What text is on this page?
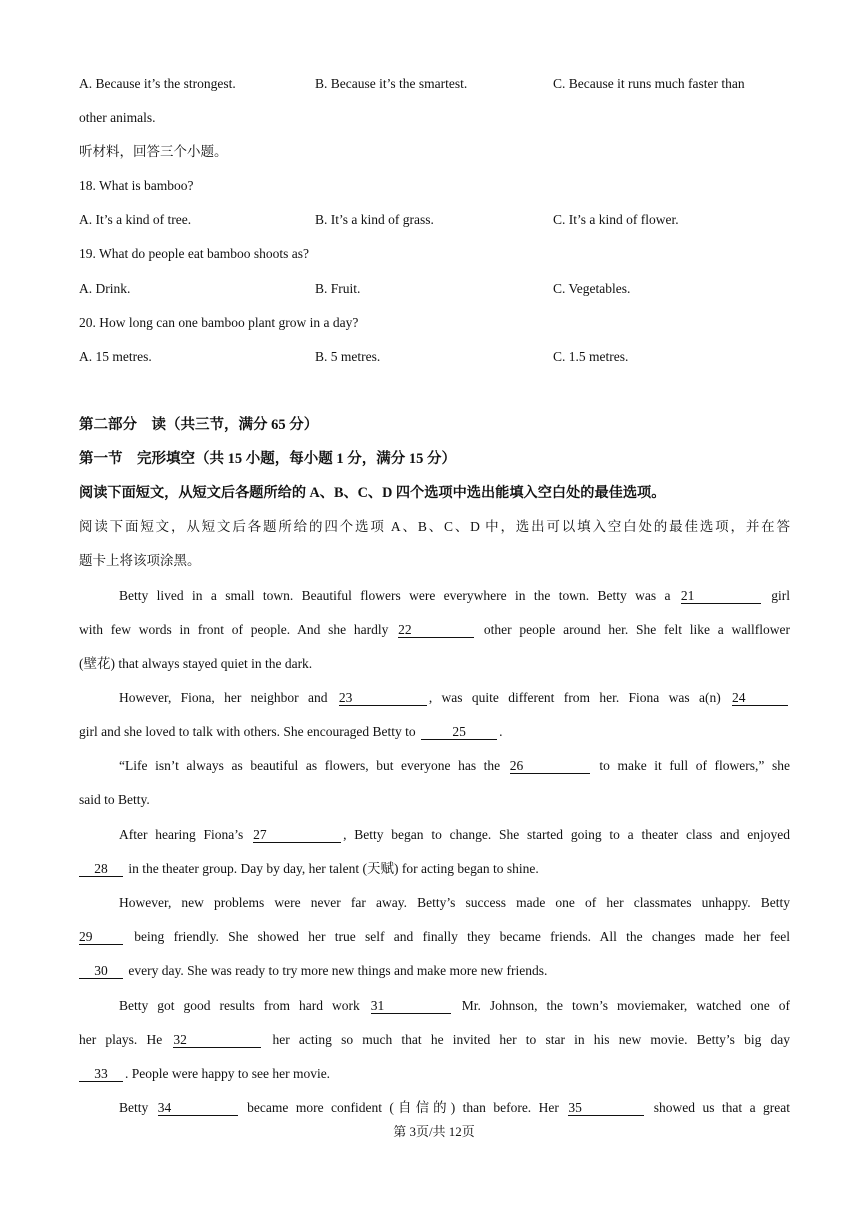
A. Because it’s the strongest.	B. Because it’s the smartest.	C. Because it runs much faster than
other animals.
听材料，回答三个小题。
18. What is bamboo?
A. It’s a kind of tree.	B. It’s a kind of grass.	C. It’s a kind of flower.
19. What do people eat bamboo shoots as?
A. Drink.	B. Fruit.	C. Vegetables.
20. How long can one bamboo plant grow in a day?
A. 15 metres.	B. 5 metres.	C. 1.5 metres.
第二部分　读（共三节，满分 65 分）
第一节　完形填空（共 15 小题，每小题 1 分，满分 15 分）
阅读下面短文，从短文后各题所给的 A、B、C、D 四个选项中选出能填入空白处的最佳选项。
阅读下面短文，从短文后各题所给的四个选项 A、B、C、D 中，选出可以填入空白处的最佳选项，并在答
题卡上将该项涂黑。
Betty lived in a small town. Beautiful flowers were everywhere in the town. Betty was a 21	girl
with few words in front of people. And she hardly 22	other people around her. She felt like a wallflower
(壁花) that always stayed quiet in the dark.
However, Fiona, her neighbor and 23	, was quite different from her. Fiona was a(n) 24
girl and she loved to talk with others. She encouraged Betty to	25 .
“Life isn’t always as beautiful as flowers, but everyone has the 26	to make it full of flowers,” she
said to Betty.
After hearing Fiona’s 27	, Betty began to change. She started going to a theater class and enjoyed
28 in the theater group. Day by day, her talent (天赋) for acting began to shine.
However, new problems were never far away. Betty’s success made one of her classmates unhappy. Betty
29	being friendly. She showed her true self and finally they became friends. All the changes made her feel
30 every day. She was ready to try more new things and make more new friends.
Betty got good results from hard work 31	Mr. Johnson, the town’s moviemaker, watched one of
her plays. He 32	her acting so much that he invited her to star in his new movie. Betty’s big day
33 . People were happy to see her movie.
Betty 34	became more confident (自信的) than before. Her 35	showed us that a great
第 3页/共 12页
